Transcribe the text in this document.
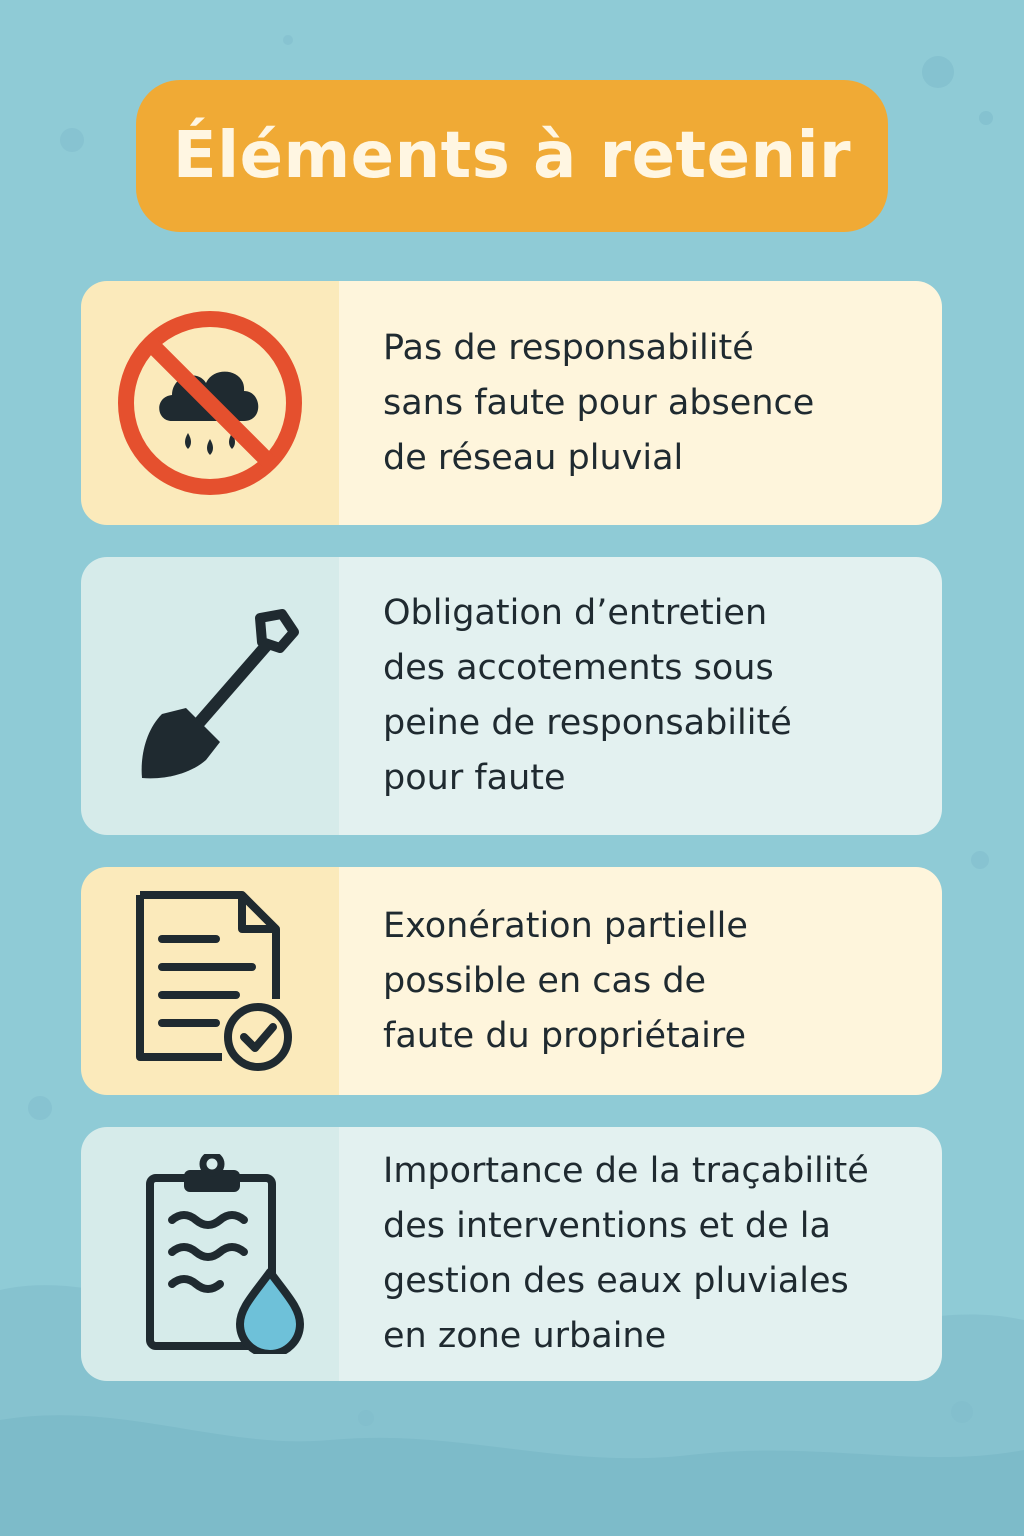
Éléments à retenir

Pas de responsabilité
sans faute pour absence
de réseau pluvial

Obligation d’entretien
des accotements sous
peine de responsabilité
pour faute

Exonération partielle
possible en cas de
faute du propriétaire

Importance de la traçabilité
des interventions et de la
gestion des eaux pluviales
en zone urbaine
